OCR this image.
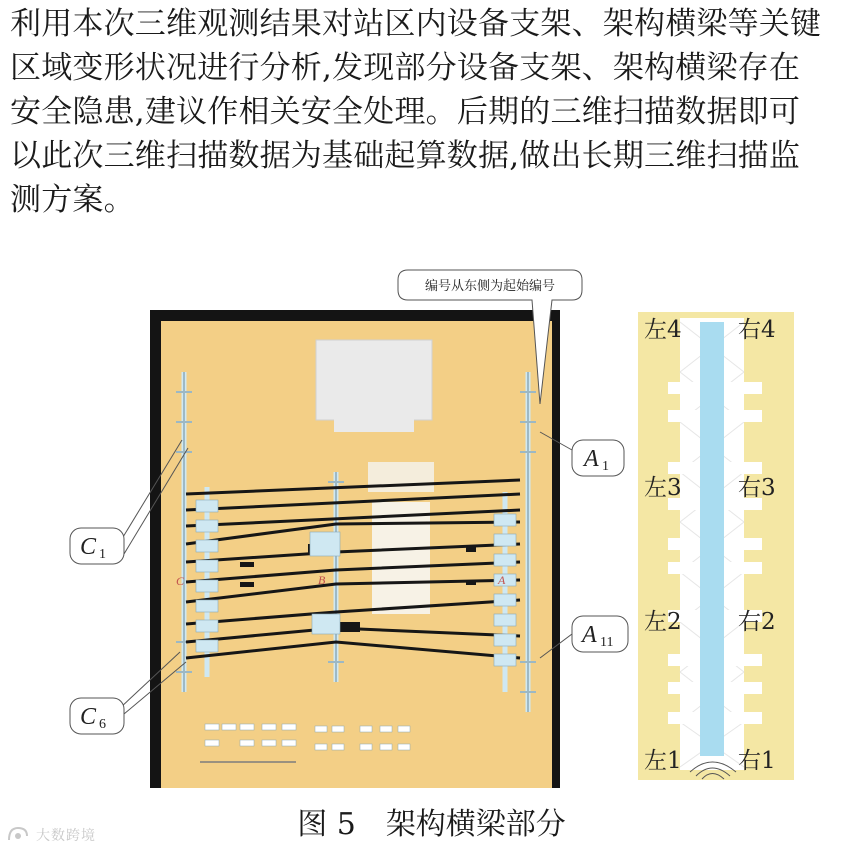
利用本次三维观测结果对站区内设备支架、架构横梁等关键
区域变形状况进行分析,发现部分设备支架、架构横梁存在
安全隐患,建议作相关安全处理。后期的三维扫描数据即可
以此次三维扫描数据为基础起算数据,做出长期三维扫描监
测方案。
C	B	A
编号从东侧为起始编号
A 1
A 11
C 1
C 6
左4 右4
左3 右3
左2 右2
左1 右1
图 5 架构横梁部分
大数跨境
